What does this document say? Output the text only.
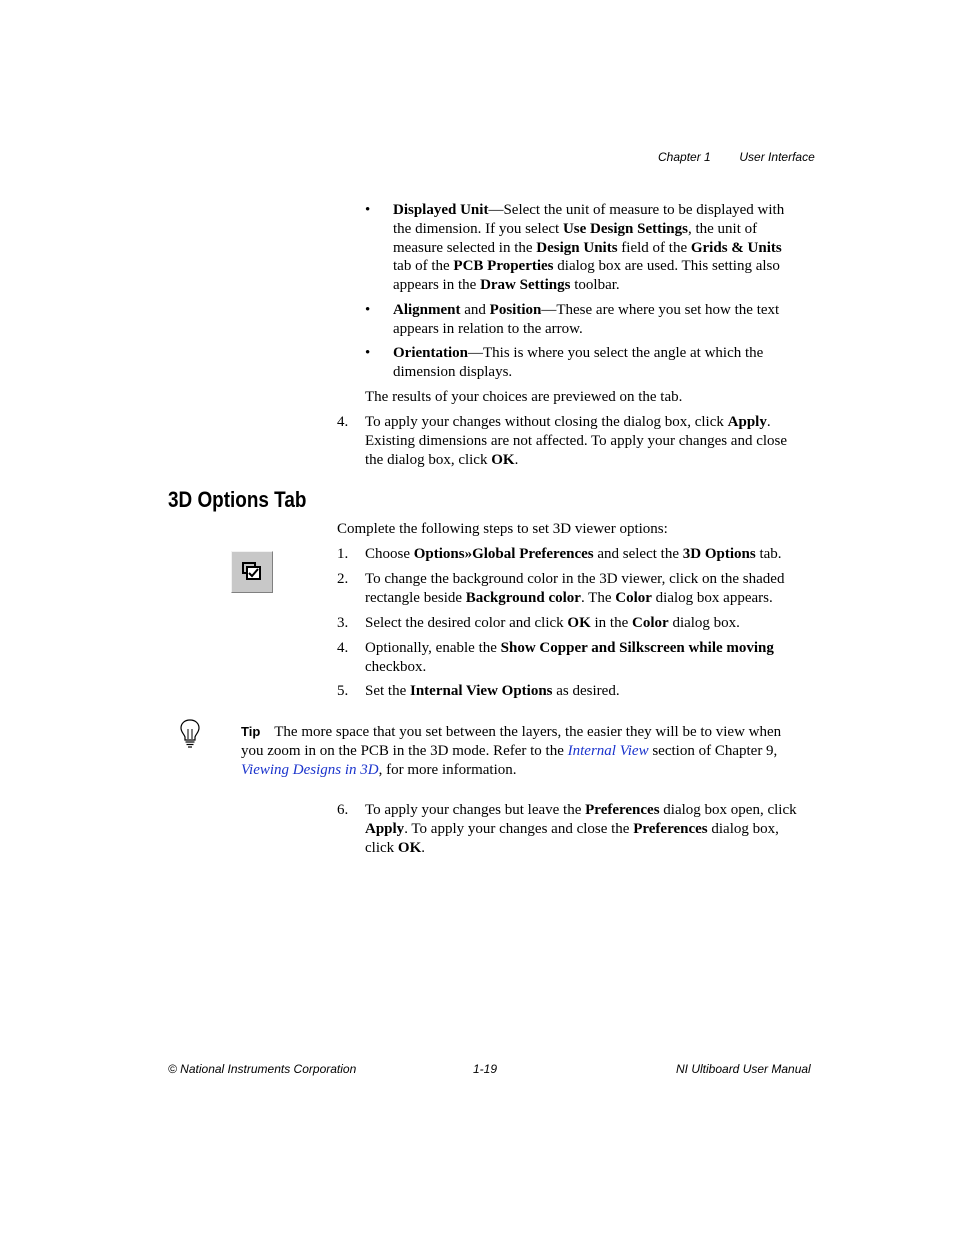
Chapter 1 User Interface
• Displayed Unit—Select the unit of measure to be displayed with the dimension. If you select Use Design Settings, the unit of measure selected in the Design Units field of the Grids & Units tab of the PCB Properties dialog box are used. This setting also appears in the Draw Settings toolbar.
• Alignment and Position—These are where you set how the text appears in relation to the arrow.
• Orientation—This is where you select the angle at which the dimension displays.
The results of your choices are previewed on the tab.
4. To apply your changes without closing the dialog box, click Apply. Existing dimensions are not affected. To apply your changes and close the dialog box, click OK.
3D Options Tab
Complete the following steps to set 3D viewer options:
1. Choose Options»Global Preferences and select the 3D Options tab.
2. To change the background color in the 3D viewer, click on the shaded rectangle beside Background color. The Color dialog box appears.
3. Select the desired color and click OK in the Color dialog box.
4. Optionally, enable the Show Copper and Silkscreen while moving checkbox.
5. Set the Internal View Options as desired.
Tip The more space that you set between the layers, the easier they will be to view when you zoom in on the PCB in the 3D mode. Refer to the Internal View section of Chapter 9, Viewing Designs in 3D, for more information.
6. To apply your changes but leave the Preferences dialog box open, click Apply. To apply your changes and close the Preferences dialog box, click OK.
© National Instruments Corporation	1-19	NI Ultiboard User Manual
